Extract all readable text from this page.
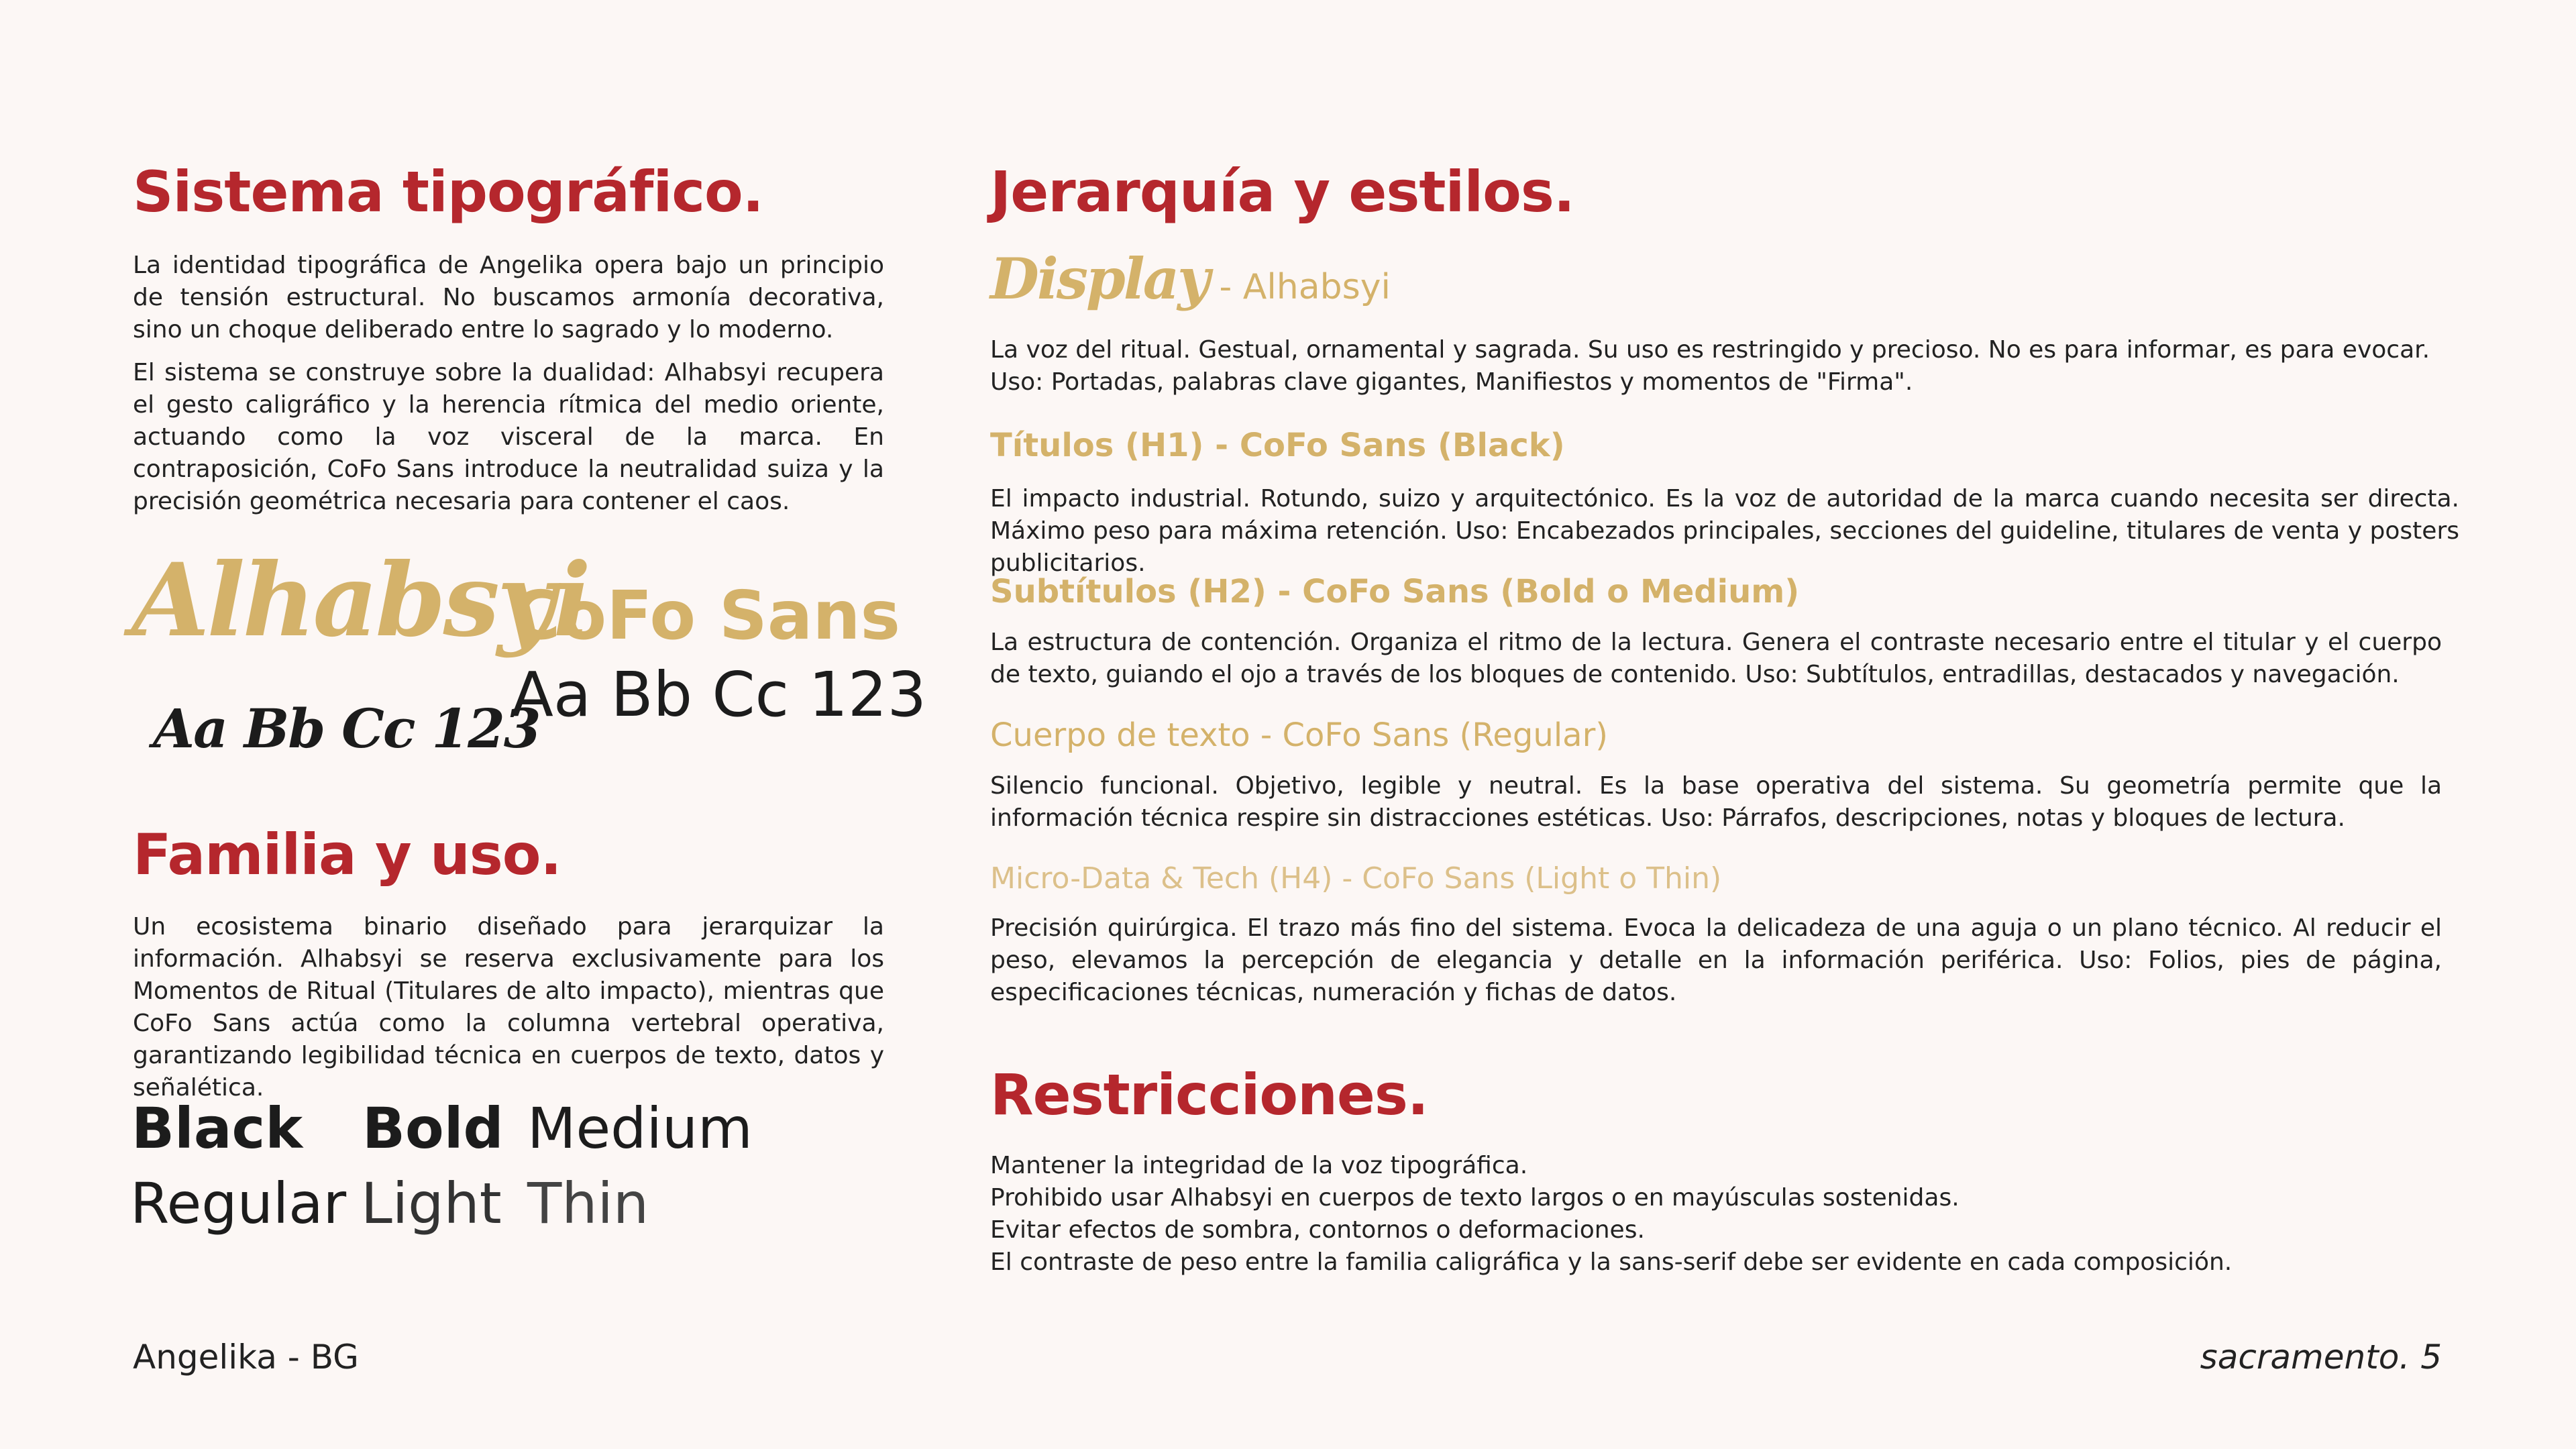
Sistema tipográfico.

La identidad tipográfica de Angelika opera bajo un principio de tensión estructural. No buscamos armonía decorativa, sino un choque deliberado entre lo sagrado y lo moderno.

El sistema se construye sobre la dualidad: Alhabsyi recupera el gesto caligráfico y la herencia rítmica del medio oriente, actuando como la voz visceral de la marca. En contraposición, CoFo Sans introduce la neutralidad suiza y la precisión geométrica necesaria para contener el caos.

Alhabsyi
Aa Bb Cc 123
CoFo Sans
Aa Bb Cc 123
Familia y uso.

Un ecosistema binario diseñado para jerarquizar la información. Alhabsyi se reserva exclusivamente para los Momentos de Ritual (Titulares de alto impacto), mientras que CoFo Sans actúa como la columna vertebral operativa, garantizando legibilidad técnica en cuerpos de texto, datos y señalética.

Black Bold Medium
Regular Light Thin
Jerarquía y estilos.
Display - Alhabsyi
La voz del ritual. Gestual, ornamental y sagrada. Su uso es restringido y precioso. No es para informar, es para evocar.
Uso: Portadas, palabras clave gigantes, Manifiestos y momentos de "Firma".
Títulos (H1) - CoFo Sans (Black)
El impacto industrial. Rotundo, suizo y arquitectónico. Es la voz de autoridad de la marca cuando necesita ser directa. Máximo peso para máxima retención. Uso: Encabezados principales, secciones del guideline, titulares de venta y posters publicitarios.
Subtítulos (H2) - CoFo Sans (Bold o Medium)
La estructura de contención. Organiza el ritmo de la lectura. Genera el contraste necesario entre el titular y el cuerpo de texto, guiando el ojo a través de los bloques de contenido. Uso: Subtítulos, entradillas, destacados y navegación.
Cuerpo de texto - CoFo Sans (Regular)
Silencio funcional. Objetivo, legible y neutral. Es la base operativa del sistema. Su geometría permite que la información técnica respire sin distracciones estéticas. Uso: Párrafos, descripciones, notas y bloques de lectura.
Micro-Data & Tech (H4) - CoFo Sans (Light o Thin)
Precisión quirúrgica. El trazo más fino del sistema. Evoca la delicadeza de una aguja o un plano técnico. Al reducir el peso, elevamos la percepción de elegancia y detalle en la información periférica. Uso: Folios, pies de página, especificaciones técnicas, numeración y fichas de datos.
Restricciones.
Mantener la integridad de la voz tipográfica.
Prohibido usar Alhabsyi en cuerpos de texto largos o en mayúsculas sostenidas.
Evitar efectos de sombra, contornos o deformaciones.
El contraste de peso entre la familia caligráfica y la sans-serif debe ser evidente en cada composición.
Angelika - BG	sacramento. 5
